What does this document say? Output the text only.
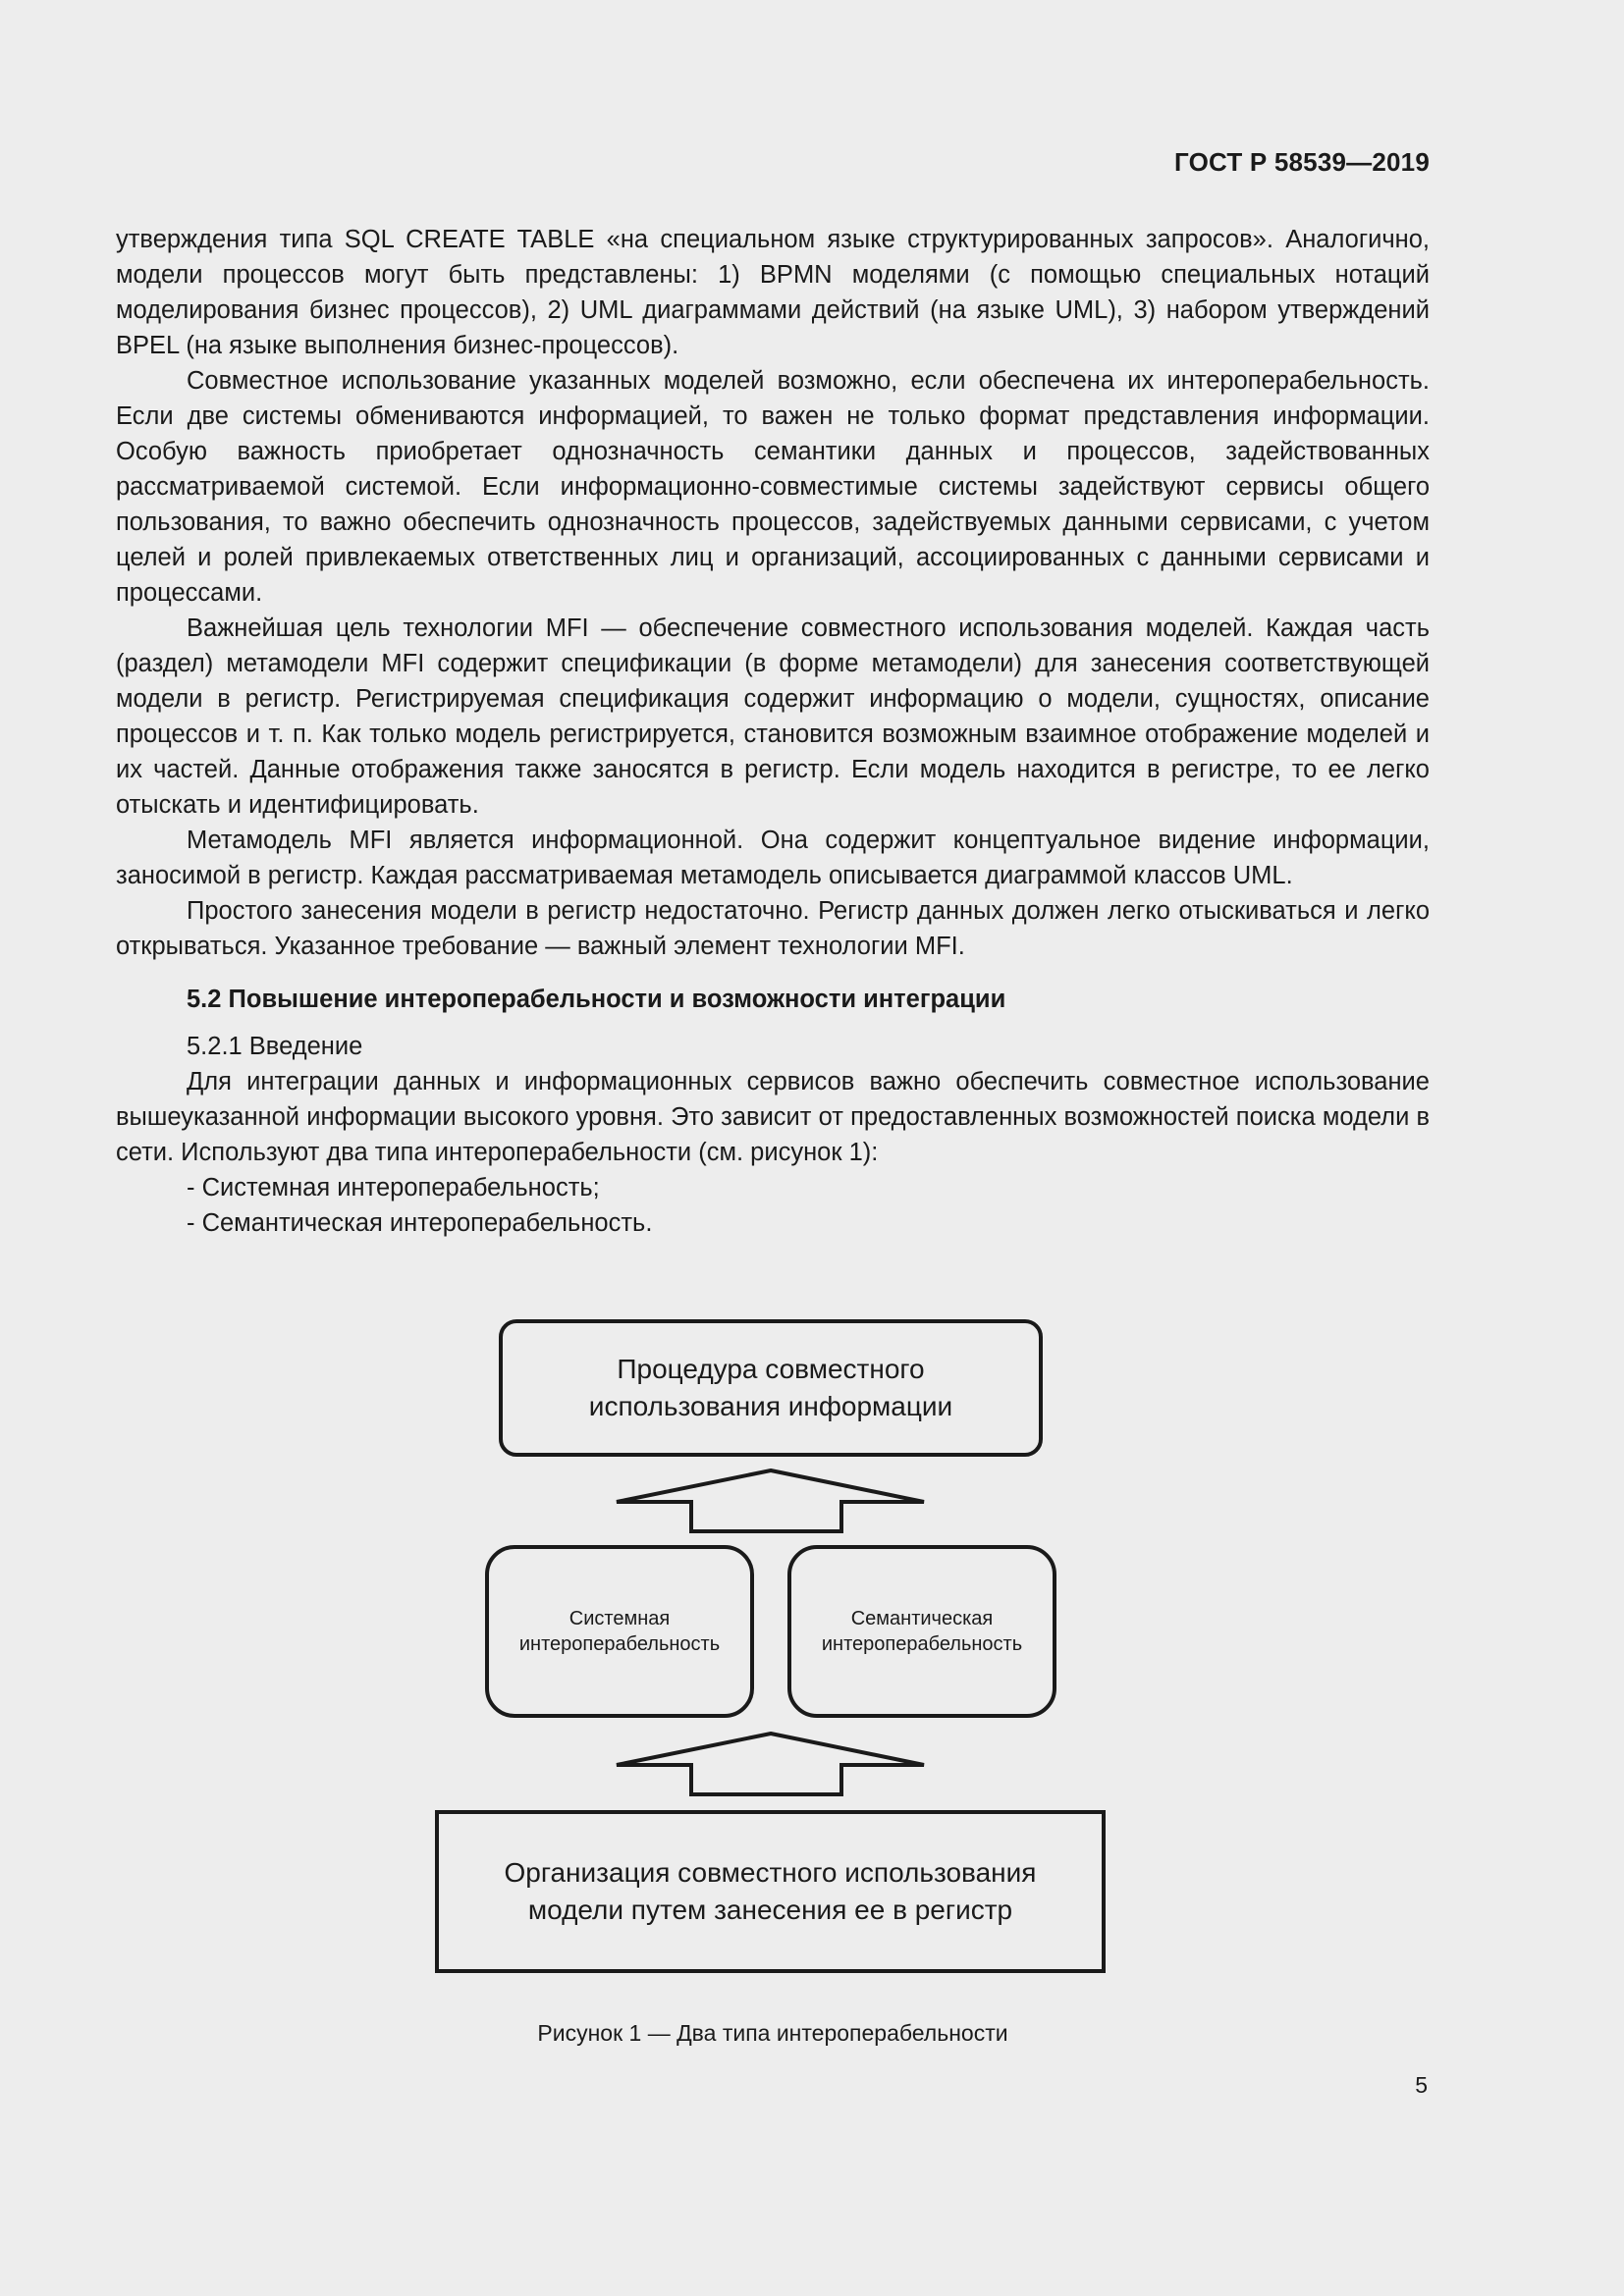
ГОСТ Р 58539—2019

утверждения типа SQL CREATE TABLE «на специальном языке структурированных запросов». Аналогично, модели процессов могут быть представлены: 1) BPMN моделями (с помощью специальных нотаций моделирования бизнес процессов), 2) UML диаграммами действий (на языке UML), 3) набором утверждений BPEL (на языке выполнения бизнес-процессов).

Совместное использование указанных моделей возможно, если обеспечена их интероперабельность. Если две системы обмениваются информацией, то важен не только формат представления информации. Особую важность приобретает однозначность семантики данных и процессов, задействованных рассматриваемой системой. Если информационно-совместимые системы задействуют сервисы общего пользования, то важно обеспечить однозначность процессов, задействуемых данными сервисами, с учетом целей и ролей привлекаемых ответственных лиц и организаций, ассоциированных с данными сервисами и процессами.

Важнейшая цель технологии MFI — обеспечение совместного использования моделей. Каждая часть (раздел) метамодели MFI содержит спецификации (в форме метамодели) для занесения соответствующей модели в регистр. Регистрируемая спецификация содержит информацию о модели, сущностях, описание процессов и т. п. Как только модель регистрируется, становится возможным взаимное отображение моделей и их частей. Данные отображения также заносятся в регистр. Если модель находится в регистре, то ее легко отыскать и идентифицировать.

Метамодель MFI является информационной. Она содержит концептуальное видение информации, заносимой в регистр. Каждая рассматриваемая метамодель описывается диаграммой классов UML.

Простого занесения модели в регистр недостаточно. Регистр данных должен легко отыскиваться и легко открываться. Указанное требование — важный элемент технологии MFI.

5.2 Повышение интероперабельности и возможности интеграции

5.2.1 Введение

Для интеграции данных и информационных сервисов важно обеспечить совместное использование вышеуказанной информации высокого уровня. Это зависит от предоставленных возможностей поиска модели в сети. Используют два типа интероперабельности (см. рисунок 1):

- Системная интероперабельность;

- Семантическая интероперабельность.

Процедура совместного
использования информации
Системная
интероперабельность
Семантическая
интероперабельность
Организация совместного использования
модели путем занесения ее в регистр
Рисунок 1 — Два типа интероперабельности
5
